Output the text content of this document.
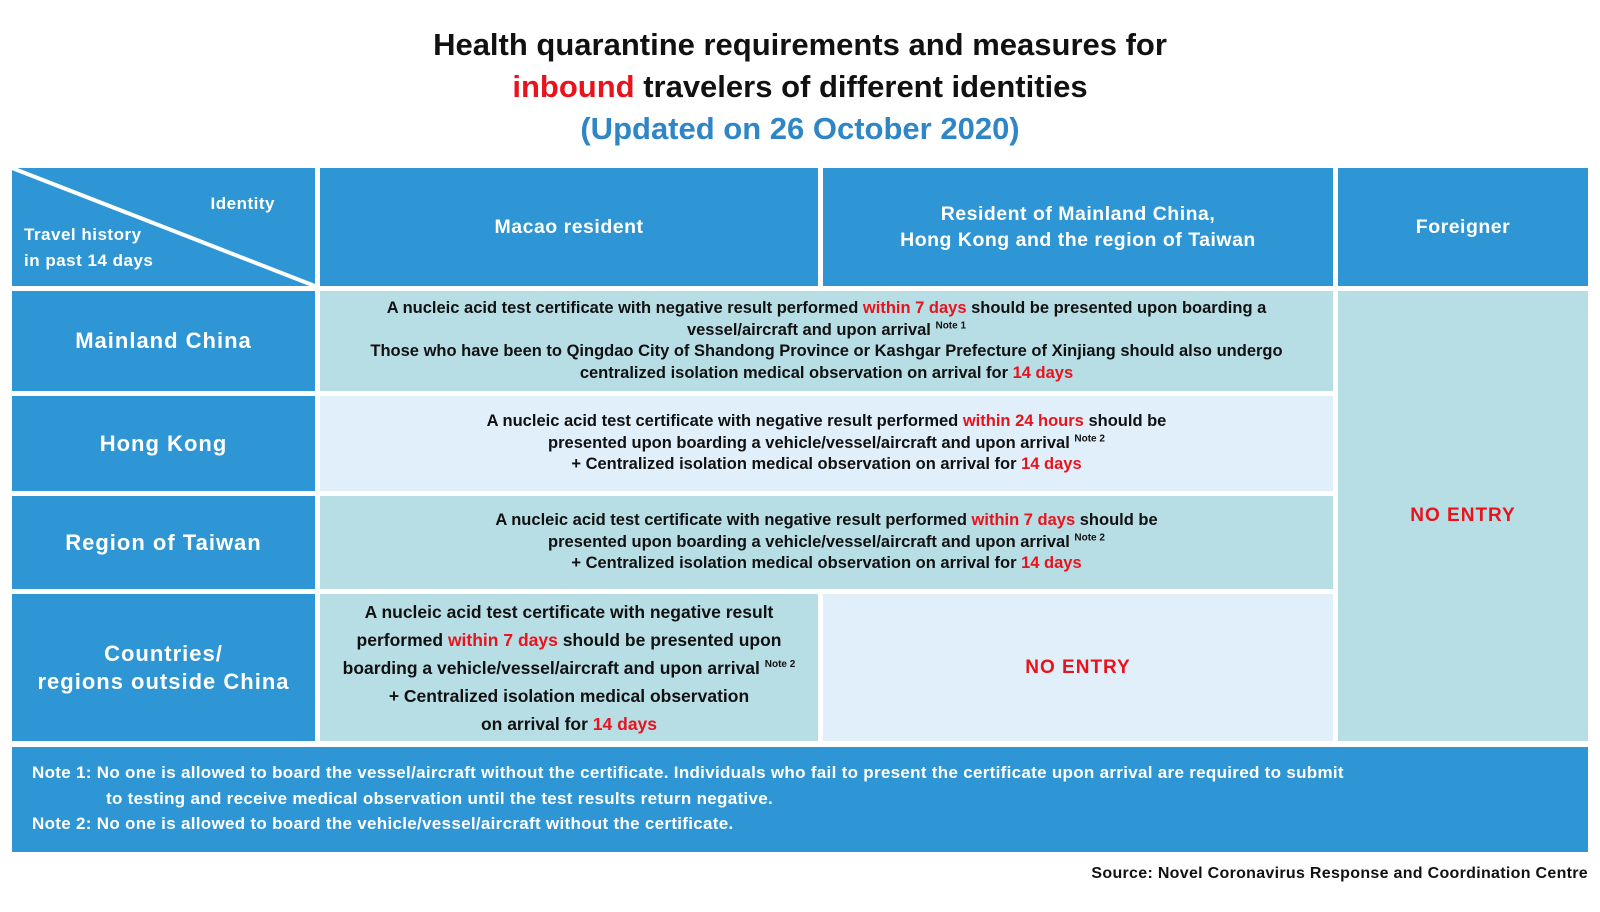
Health quarantine requirements and measures for
inbound travelers of different identities
(Updated on 26 October 2020)
Identity
Travel history
in past 14 days
Macao resident
Resident of Mainland China,
Hong Kong and the region of Taiwan
Foreigner
NO ENTRY
Mainland China

A nucleic acid test certificate with negative result performed within 7 days should be presented upon boarding a
vessel/aircraft and upon arrival $^{Note 1}$
Those who have been to Qingdao City of Shandong Province or Kashgar Prefecture of Xinjiang should also undergo
centralized isolation medical observation on arrival for 14 days

Hong Kong

A nucleic acid test certificate with negative result performed within 24 hours should be
presented upon boarding a vehicle/vessel/aircraft and upon arrival $^{Note 2}$
+ Centralized isolation medical observation on arrival for 14 days

Region of Taiwan

A nucleic acid test certificate with negative result performed within 7 days should be
presented upon boarding a vehicle/vessel/aircraft and upon arrival $^{Note 2}$
+ Centralized isolation medical observation on arrival for 14 days

Countries/
regions outside China

A nucleic acid test certificate with negative result
performed within 7 days should be presented upon
boarding a vehicle/vessel/aircraft and upon arrival $^{Note 2}$
+ Centralized isolation medical observation
on arrival for 14 days

NO ENTRY
Note 1: No one is allowed to board the vessel/aircraft without the certificate. Individuals who fail to present the certificate upon arrival are required to submit
to testing and receive medical observation until the test results return negative.
Note 2: No one is allowed to board the vehicle/vessel/aircraft without the certificate.
Source: Novel Coronavirus Response and Coordination Centre
